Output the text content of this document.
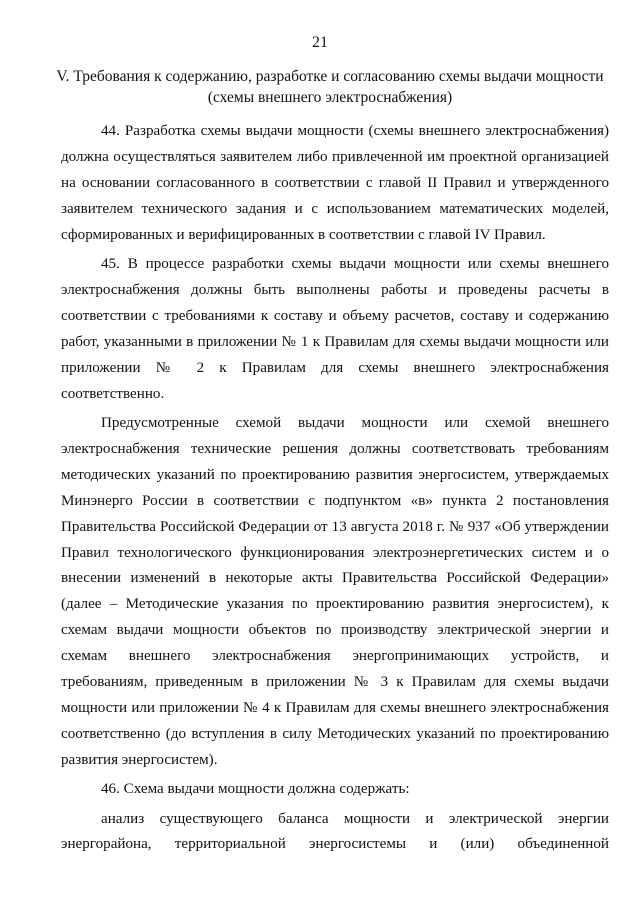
21
V. Требования к содержанию, разработке и согласованию схемы выдачи мощности
(схемы внешнего электроснабжения)

44. Разработка схемы выдачи мощности (схемы внешнего электроснабжения) должна осуществляться заявителем либо привлеченной им проектной организацией на основании согласованного в соответствии с главой II Правил и утвержденного заявителем технического задания и с использованием математических моделей, сформированных и верифицированных в соответствии с главой IV Правил.

45. В процессе разработки схемы выдачи мощности или схемы внешнего электроснабжения должны быть выполнены работы и проведены расчеты в соответствии с требованиями к составу и объему расчетов, составу и содержанию работ, указанными в приложении № 1 к Правилам для схемы выдачи мощности или приложении № 2 к Правилам для схемы внешнего электроснабжения соответственно.

Предусмотренные схемой выдачи мощности или схемой внешнего электроснабжения технические решения должны соответствовать требованиям методических указаний по проектированию развития энергосистем, утверждаемых Минэнерго России в соответствии с подпунктом «в» пункта 2 постановления Правительства Российской Федерации от 13 августа 2018 г. № 937 «Об утверждении Правил технологического функционирования электроэнергетических систем и о внесении изменений в некоторые акты Правительства Российской Федерации» (далее – Методические указания по проектированию развития энергосистем), к схемам выдачи мощности объектов по производству электрической энергии и схемам внешнего электроснабжения энергопринимающих устройств, и требованиям, приведенным в приложении № 3 к Правилам для схемы выдачи мощности или приложении № 4 к Правилам для схемы внешнего электроснабжения соответственно (до вступления в силу Методических указаний по проектированию развития энергосистем).

46. Схема выдачи мощности должна содержать:

анализ существующего баланса мощности и электрической энергии энергорайона, территориальной энергосистемы и (или) объединенной
